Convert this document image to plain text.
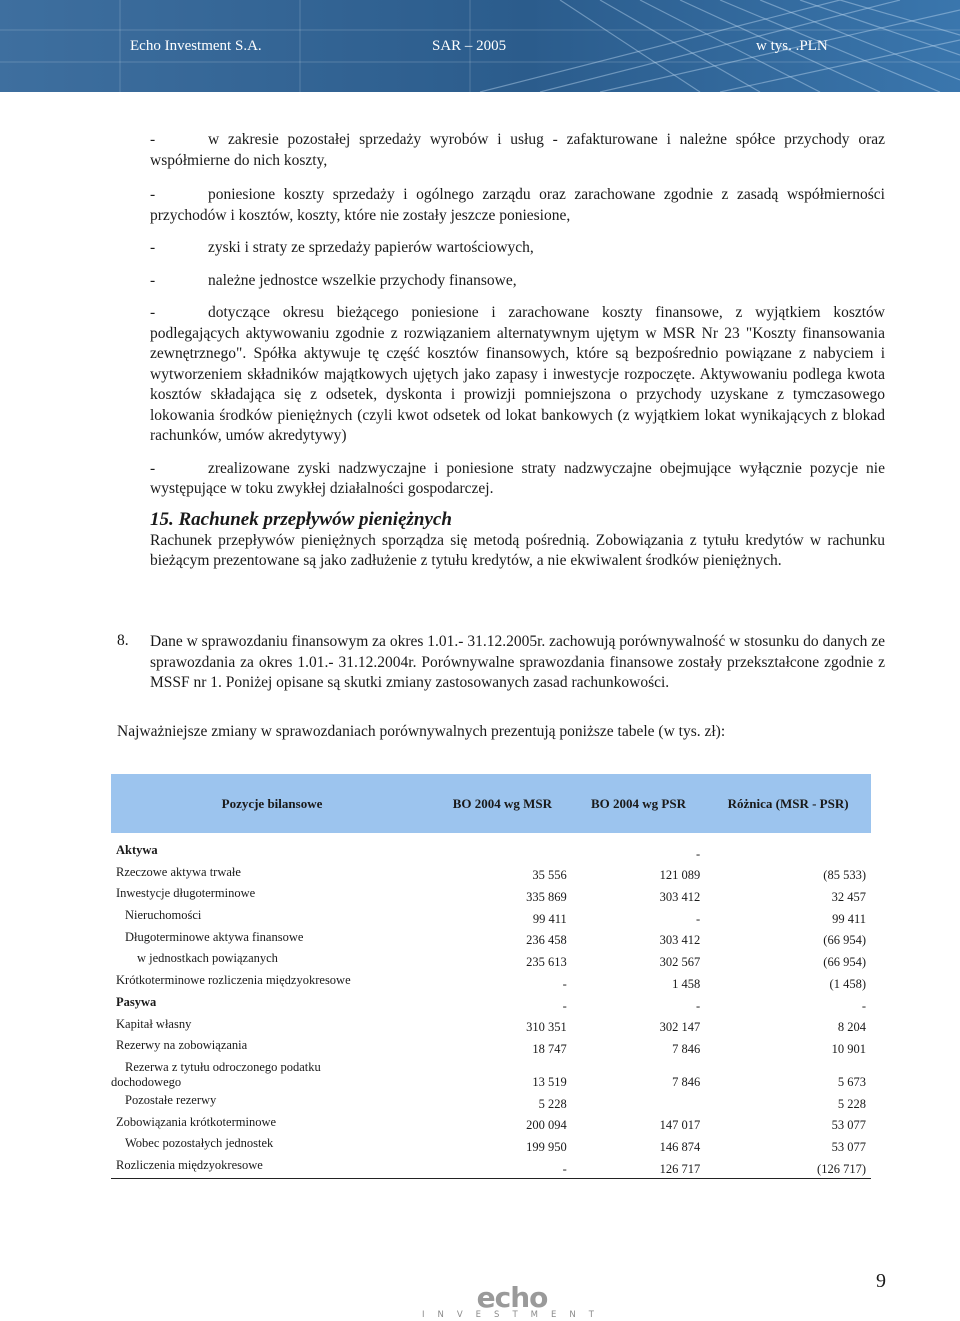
Echo Investment S.A.	SAR – 2005	w tys. .PLN

-	w zakresie pozostałej sprzedaży wyrobów i usług - zafakturowane i należne spółce przychody oraz współmierne do nich koszty,

-	poniesione koszty sprzedaży i ogólnego zarządu oraz zarachowane zgodnie z zasadą współmierności przychodów i kosztów, koszty, które nie zostały jeszcze poniesione,

-	zyski i straty ze sprzedaży papierów wartościowych,

-	należne jednostce wszelkie przychody finansowe,

-	dotyczące okresu bieżącego poniesione i zarachowane koszty finansowe, z wyjątkiem kosztów podlegających aktywowaniu zgodnie z rozwiązaniem alternatywnym ujętym w MSR Nr 23 "Koszty finansowania zewnętrznego". Spółka aktywuje tę część kosztów finansowych, które są bezpośrednio powiązane z nabyciem i wytworzeniem składników majątkowych ujętych jako zapasy i inwestycje rozpoczęte. Aktywowaniu podlega kwota kosztów składająca się z odsetek, dyskonta i prowizji pomniejszona o przychody uzyskane z tymczasowego lokowania środków pieniężnych (czyli kwot odsetek od lokat bankowych (z wyjątkiem lokat wynikających z blokad rachunków, umów akredytywy)

-	zrealizowane zyski nadzwyczajne i poniesione straty nadzwyczajne obejmujące wyłącznie pozycje nie występujące w toku zwykłej działalności gospodarczej.

15. Rachunek przepływów pieniężnych

Rachunek przepływów pieniężnych sporządza się metodą pośrednią. Zobowiązania z tytułu kredytów w rachunku bieżącym prezentowane są jako zadłużenie z tytułu kredytów, a nie ekwiwalent środków pieniężnych.

8. Dane w sprawozdaniu finansowym za okres 1.01.- 31.12.2005r. zachowują porównywalność w stosunku do danych ze sprawozdania za okres 1.01.- 31.12.2004r. Porównywalne sprawozdania finansowe zostały przekształcone zgodnie z MSSF nr 1. Poniżej opisane są skutki zmiany zastosowanych zasad rachunkowości.

Najważniejsze zmiany w sprawozdaniach porównywalnych prezentują poniższe tabele (w tys. zł):

Pozycje bilansowe	BO 2004 wg MSR	BO 2004 wg PSR	Różnica (MSR - PSR)

Aktywa		-	
Rzeczowe aktywa trwałe	35 556	121 089	(85 533)
Inwestycje długoterminowe	335 869	303 412	32 457
Nieruchomości	99 411	-	99 411
Długoterminowe aktywa finansowe	236 458	303 412	(66 954)
w jednostkach powiązanych	235 613	302 567	(66 954)
Krótkoterminowe rozliczenia międzyokresowe	-	1 458	(1 458)
Pasywa	-	-	-
Kapitał własny	310 351	302 147	8 204
Rezerwy na zobowiązania	18 747	7 846	10 901
Rezerwa z tytułu odroczonego podatku
dochodowego	13 519	7 846	5 673
Pozostałe rezerwy	5 228		5 228
Zobowiązania krótkoterminowe	200 094	147 017	53 077
Wobec pozostałych jednostek	199 950	146 874	53 077
Rozliczenia międzyokresowe	-	126 717	(126 717)
9
echo
INVESTMENT
